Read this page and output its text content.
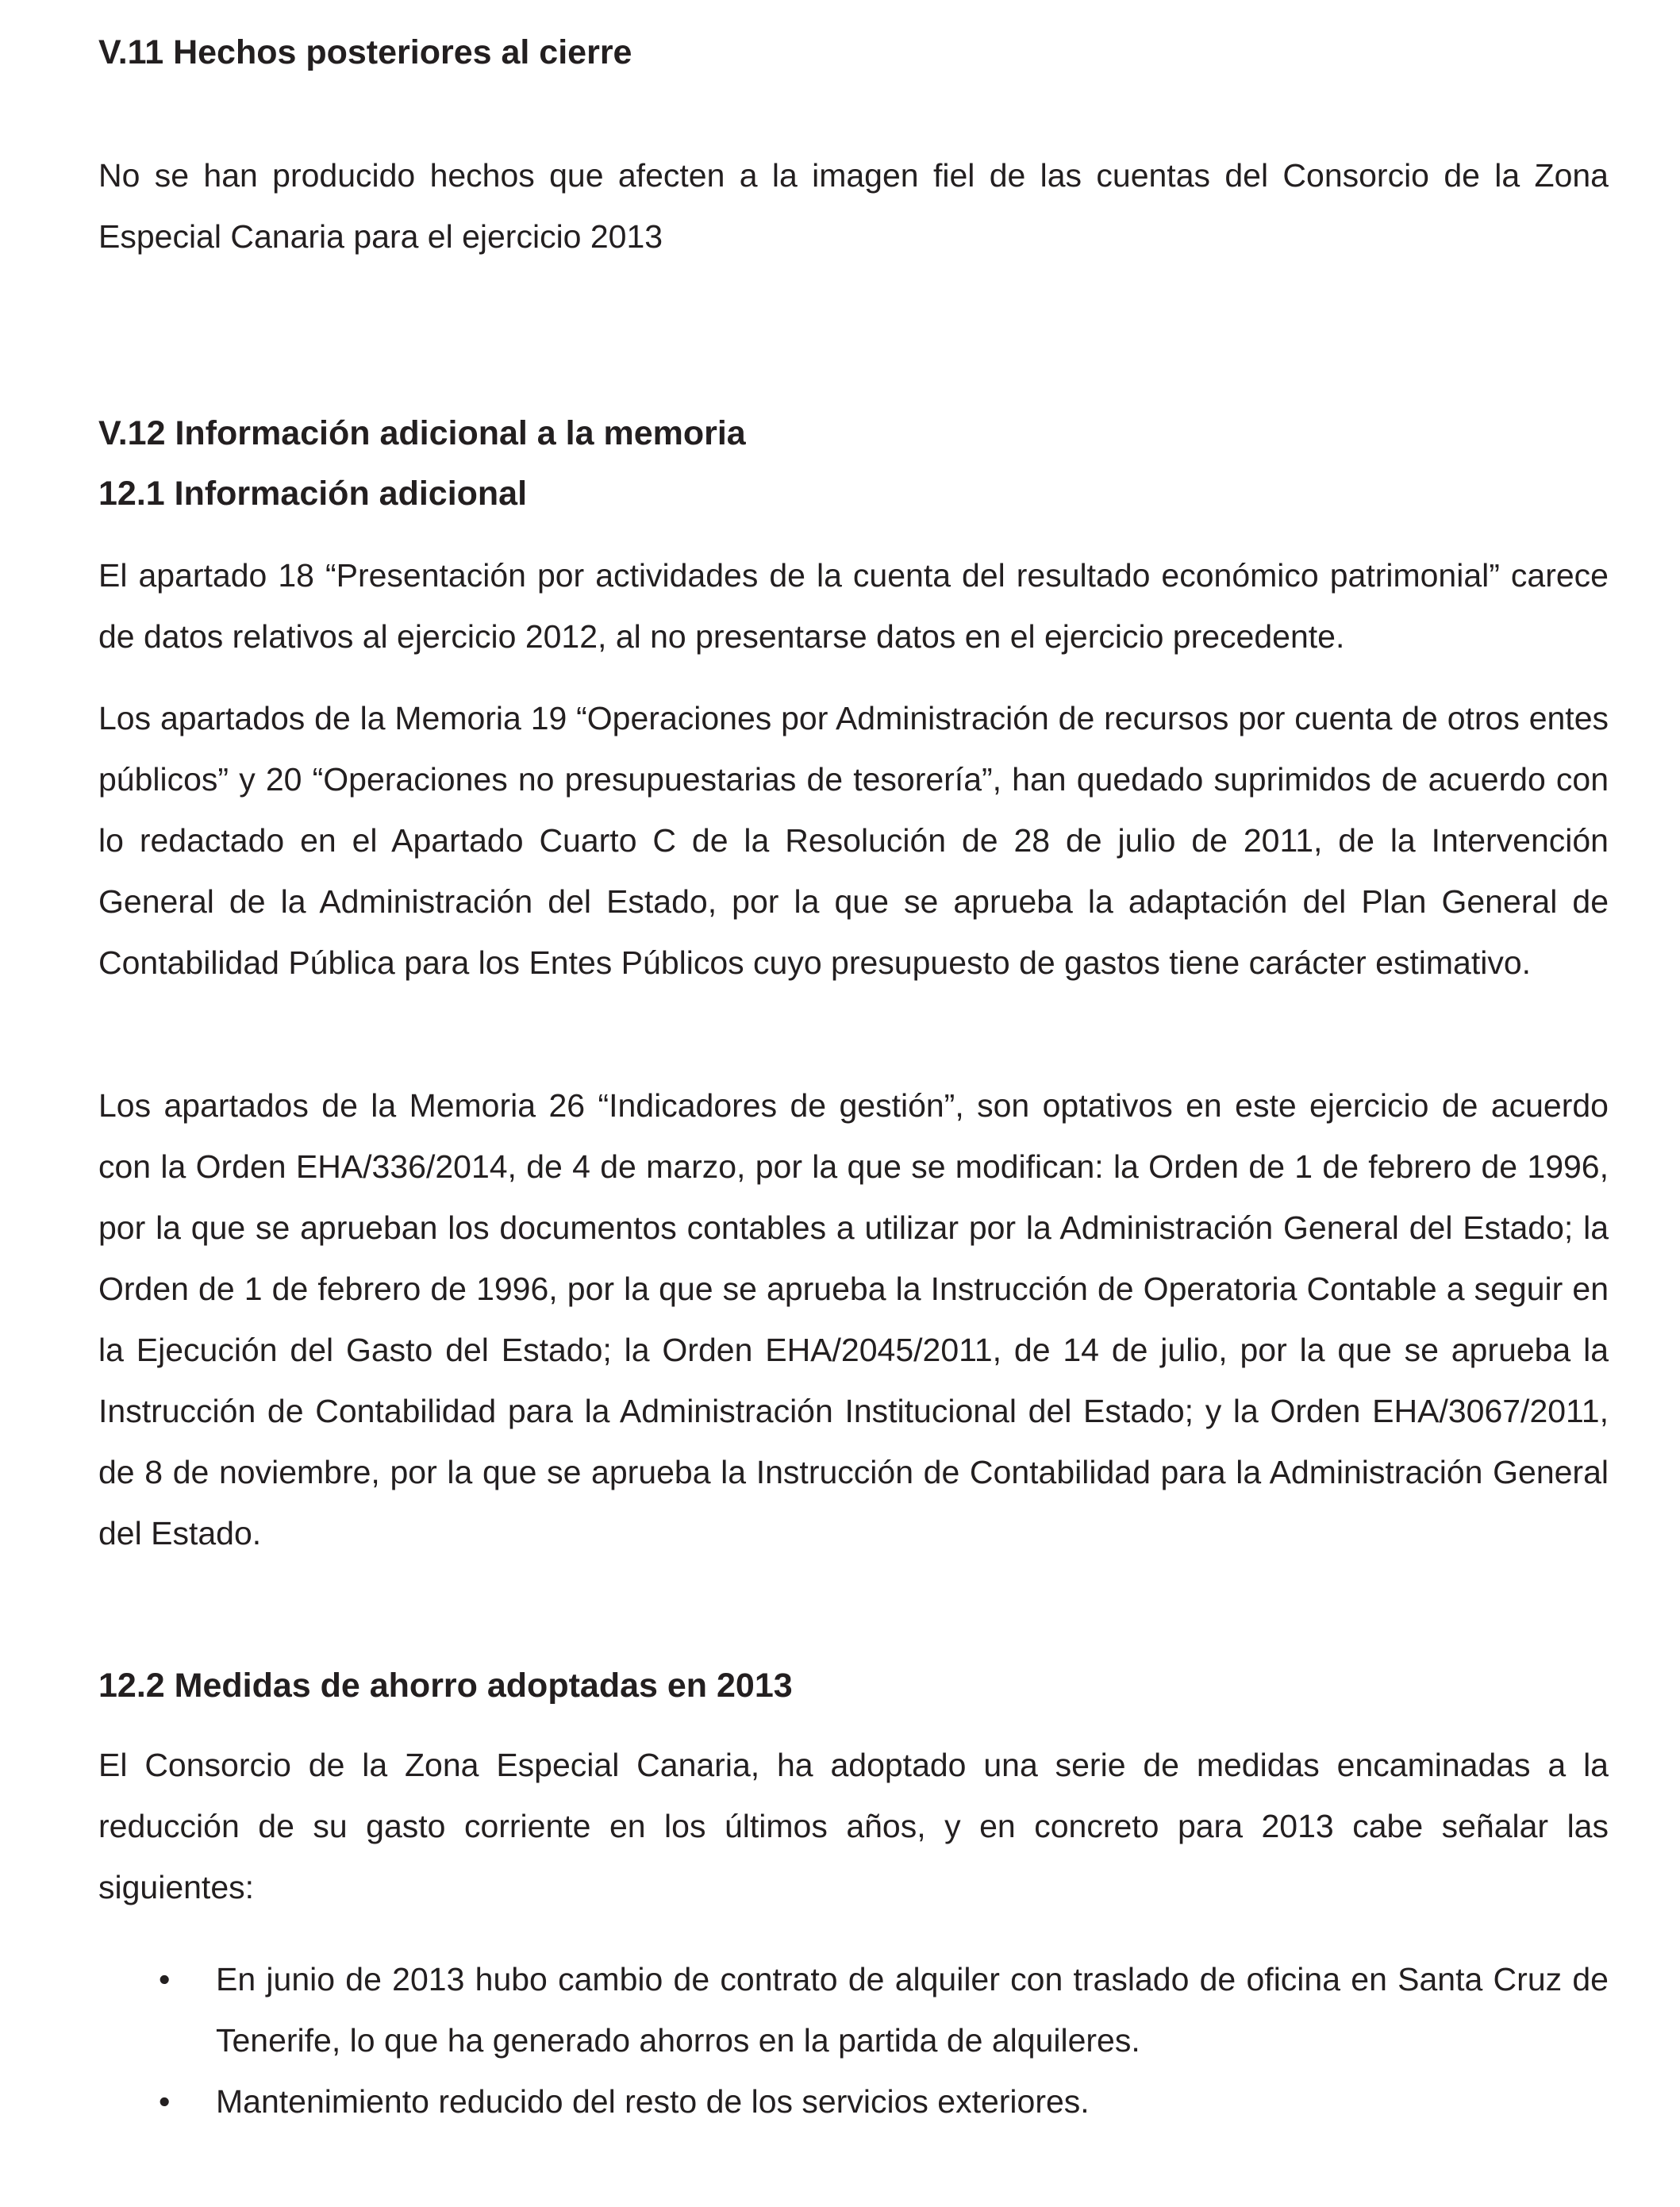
V.11 Hechos posteriores al cierre

No se han producido hechos que afecten a la imagen fiel de las cuentas del Consorcio de la Zona Especial Canaria para el ejercicio 2013

V.12 Información adicional a la memoria
12.1 Información adicional

El apartado 18 “Presentación por actividades de la cuenta del resultado económico patrimonial” carece de datos relativos al ejercicio 2012, al no presentarse datos en el ejercicio precedente.

Los apartados de la Memoria 19 “Operaciones por Administración de recursos por cuenta de otros entes públicos” y 20 “Operaciones no presupuestarias de tesorería”, han quedado suprimidos de acuerdo con lo redactado en el Apartado Cuarto C de la Resolución de 28 de julio de 2011, de la Intervención General de la Administración del Estado, por la que se aprueba la adaptación del Plan General de Contabilidad Pública para los Entes Públicos cuyo presupuesto de gastos tiene carácter estimativo.

Los apartados de la Memoria 26 “Indicadores de gestión”, son optativos en este ejercicio de acuerdo con la Orden EHA/336/2014, de 4 de marzo, por la que se modifican: la Orden de 1 de febrero de 1996, por la que se aprueban los documentos contables a utilizar por la Administración General del Estado; la Orden de 1 de febrero de 1996, por la que se aprueba la Instrucción de Operatoria Contable a seguir en la Ejecución del Gasto del Estado; la Orden EHA/2045/2011, de 14 de julio, por la que se aprueba la Instrucción de Contabilidad para la Administración Institucional del Estado; y la Orden EHA/3067/2011, de 8 de noviembre, por la que se aprueba la Instrucción de Contabilidad para la Administración General del Estado.

12.2 Medidas de ahorro adoptadas en 2013

El Consorcio de la Zona Especial Canaria, ha adoptado una serie de medidas encaminadas a la reducción de su gasto corriente en los últimos años, y en concreto para 2013 cabe señalar las siguientes:

• En junio de 2013 hubo cambio de contrato de alquiler con traslado de oficina en Santa Cruz de Tenerife, lo que ha generado ahorros en la partida de alquileres.
• Mantenimiento reducido del resto de los servicios exteriores.
